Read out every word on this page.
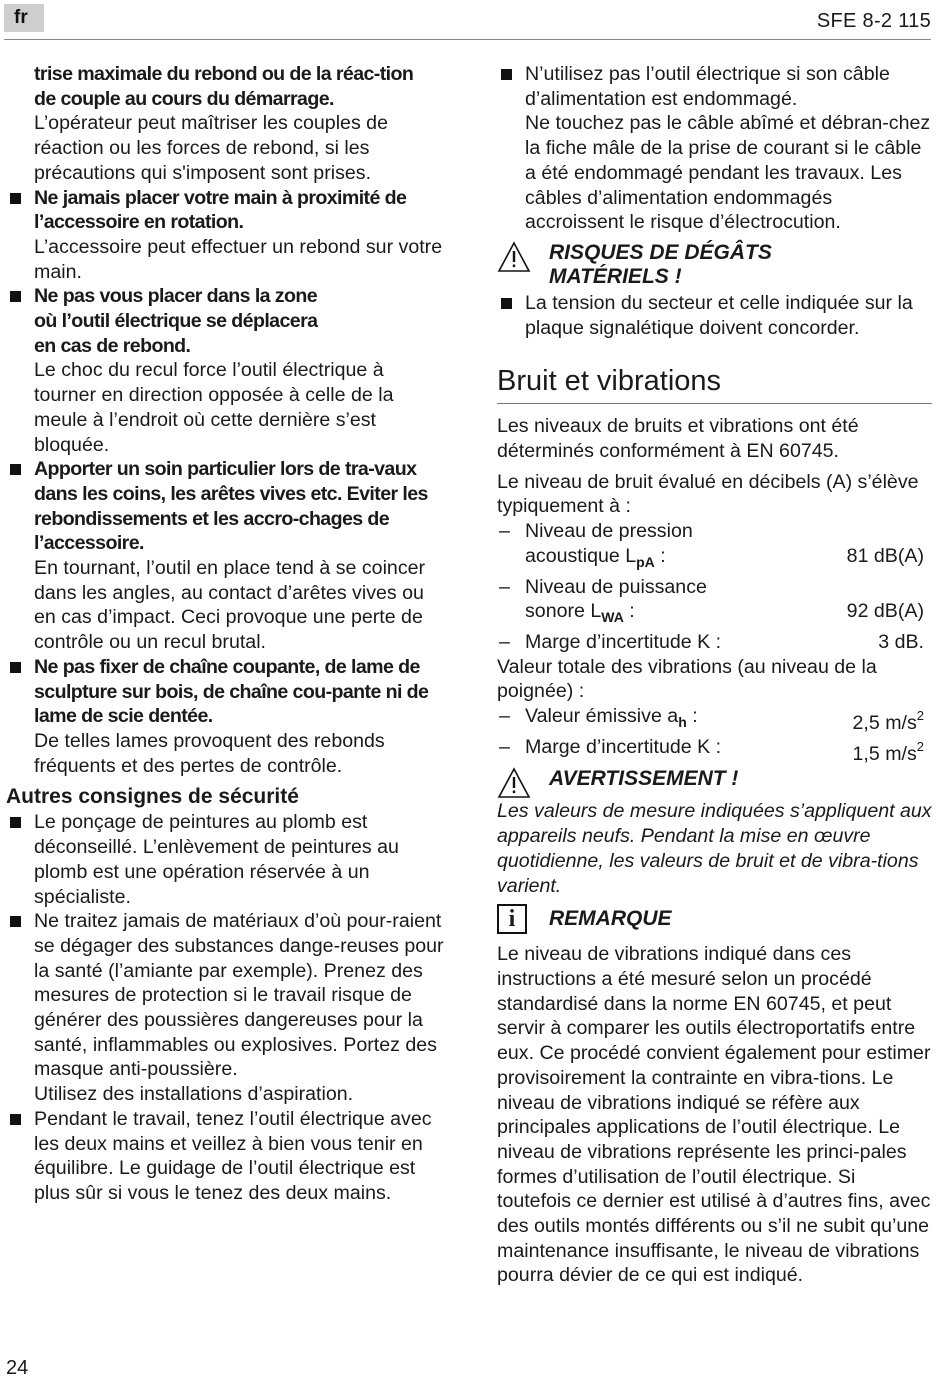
fr	SFE 8-2 115

trise maximale du rebond ou de la réac-tion
de couple au cours du démarrage.

L’opérateur peut maîtriser les couples de réaction ou les forces de rebond, si les précautions qui s'imposent sont prises.

Ne jamais placer votre main à proximité de l’accessoire en rotation.
L’accessoire peut effectuer un rebond sur votre main.
Ne pas vous placer dans la zone
où l’outil électrique se déplacera
en cas de rebond.
Le choc du recul force l’outil électrique à tourner en direction opposée à celle de la meule à l’endroit où cette dernière s’est bloquée.
Apporter un soin particulier lors de tra-vaux dans les coins, les arêtes vives etc. Eviter les rebondissements et les accro-chages de l’accessoire.
En tournant, l’outil en place tend à se coincer dans les angles, au contact d’arêtes vives ou en cas d’impact. Ceci provoque une perte de contrôle ou un recul brutal.
Ne pas fixer de chaîne coupante, de lame de sculpture sur bois, de chaîne cou-pante ni de lame de scie dentée.
De telles lames provoquent des rebonds fréquents et des pertes de contrôle.
Autres consignes de sécurité
Le ponçage de peintures au plomb est déconseillé. L’enlèvement de peintures au plomb est une opération réservée à un spécialiste.
Ne traitez jamais de matériaux d’où pour-raient se dégager des substances dange-reuses pour la santé (l’amiante par exemple). Prenez des mesures de protection si le travail risque de générer des poussières dangereuses pour la santé, inflammables ou explosives. Portez des masque anti-poussière.
Utilisez des installations d’aspiration.
Pendant le travail, tenez l’outil électrique avec les deux mains et veillez à bien vous tenir en équilibre. Le guidage de l’outil électrique est plus sûr si vous le tenez des deux mains.
N’utilisez pas l’outil électrique si son câble d’alimentation est endommagé.
Ne touchez pas le câble abîmé et débran-chez la fiche mâle de la prise de courant si le câble a été endommagé pendant les travaux. Les câbles d’alimentation endommagés accroissent le risque d’électrocution.
RISQUES DE DÉGÂTS
MATÉRIELS !
La tension du secteur et celle indiquée sur la plaque signalétique doivent concorder.
Bruit et vibrations

Les niveaux de bruits et vibrations ont été déterminés conformément à EN 60745.

Le niveau de bruit évalué en décibels (A) s’élève typiquement à :

– Niveau de pression
acoustique $L_{pA}$ :	81 dB(A)
– Niveau de puissance
sonore $L_{WA}$ :	92 dB(A)
– Marge d’incertitude K :	3 dB.

Valeur totale des vibrations (au niveau de la poignée) :

– Valeur émissive $a_h$ :	2,5 $m/s^2$
– Marge d’incertitude K :	1,5 $m/s^2$
AVERTISSEMENT !

Les valeurs de mesure indiquées s’appliquent aux appareils neufs. Pendant la mise en œuvre quotidienne, les valeurs de bruit et de vibra-tions varient.

i	REMARQUE

Le niveau de vibrations indiqué dans ces instructions a été mesuré selon un procédé standardisé dans la norme EN 60745, et peut servir à comparer les outils électroportatifs entre eux. Ce procédé convient également pour estimer provisoirement la contrainte en vibra-tions. Le niveau de vibrations indiqué se réfère aux principales applications de l’outil électrique. Le niveau de vibrations représente les princi-pales formes d’utilisation de l’outil électrique. Si toutefois ce dernier est utilisé à d’autres fins, avec des outils montés différents ou s’il ne subit qu’une maintenance insuffisante, le niveau de vibrations pourra dévier de ce qui est indiqué.

24
